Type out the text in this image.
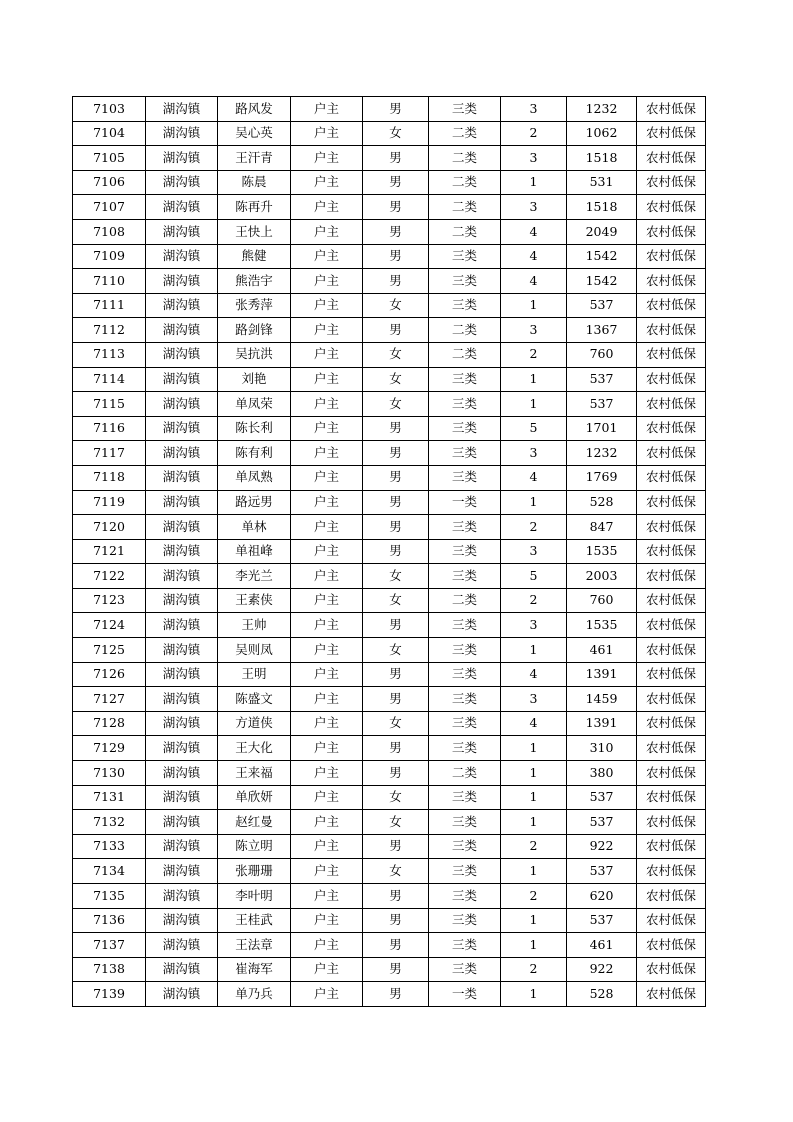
7103	湖沟镇	路风发	户主	男	三类	3	1232	农村低保
7104	湖沟镇	吴心英	户主	女	二类	2	1062	农村低保
7105	湖沟镇	王汗青	户主	男	二类	3	1518	农村低保
7106	湖沟镇	陈晨	户主	男	二类	1	531	农村低保
7107	湖沟镇	陈再升	户主	男	二类	3	1518	农村低保
7108	湖沟镇	王快上	户主	男	二类	4	2049	农村低保
7109	湖沟镇	熊健	户主	男	三类	4	1542	农村低保
7110	湖沟镇	熊浩宇	户主	男	三类	4	1542	农村低保
7111	湖沟镇	张秀萍	户主	女	三类	1	537	农村低保
7112	湖沟镇	路剑锋	户主	男	二类	3	1367	农村低保
7113	湖沟镇	吴抗洪	户主	女	二类	2	760	农村低保
7114	湖沟镇	刘艳	户主	女	三类	1	537	农村低保
7115	湖沟镇	单凤荣	户主	女	三类	1	537	农村低保
7116	湖沟镇	陈长利	户主	男	三类	5	1701	农村低保
7117	湖沟镇	陈有利	户主	男	三类	3	1232	农村低保
7118	湖沟镇	单凤熟	户主	男	三类	4	1769	农村低保
7119	湖沟镇	路远男	户主	男	一类	1	528	农村低保
7120	湖沟镇	单林	户主	男	三类	2	847	农村低保
7121	湖沟镇	单祖峰	户主	男	三类	3	1535	农村低保
7122	湖沟镇	李光兰	户主	女	三类	5	2003	农村低保
7123	湖沟镇	王素侠	户主	女	二类	2	760	农村低保
7124	湖沟镇	王帅	户主	男	三类	3	1535	农村低保
7125	湖沟镇	吴则凤	户主	女	三类	1	461	农村低保
7126	湖沟镇	王明	户主	男	三类	4	1391	农村低保
7127	湖沟镇	陈盛文	户主	男	三类	3	1459	农村低保
7128	湖沟镇	方道侠	户主	女	三类	4	1391	农村低保
7129	湖沟镇	王大化	户主	男	三类	1	310	农村低保
7130	湖沟镇	王来福	户主	男	二类	1	380	农村低保
7131	湖沟镇	单欣妍	户主	女	三类	1	537	农村低保
7132	湖沟镇	赵红曼	户主	女	三类	1	537	农村低保
7133	湖沟镇	陈立明	户主	男	三类	2	922	农村低保
7134	湖沟镇	张珊珊	户主	女	三类	1	537	农村低保
7135	湖沟镇	李叶明	户主	男	三类	2	620	农村低保
7136	湖沟镇	王桂武	户主	男	三类	1	537	农村低保
7137	湖沟镇	王法章	户主	男	三类	1	461	农村低保
7138	湖沟镇	崔海军	户主	男	三类	2	922	农村低保
7139	湖沟镇	单乃兵	户主	男	一类	1	528	农村低保
